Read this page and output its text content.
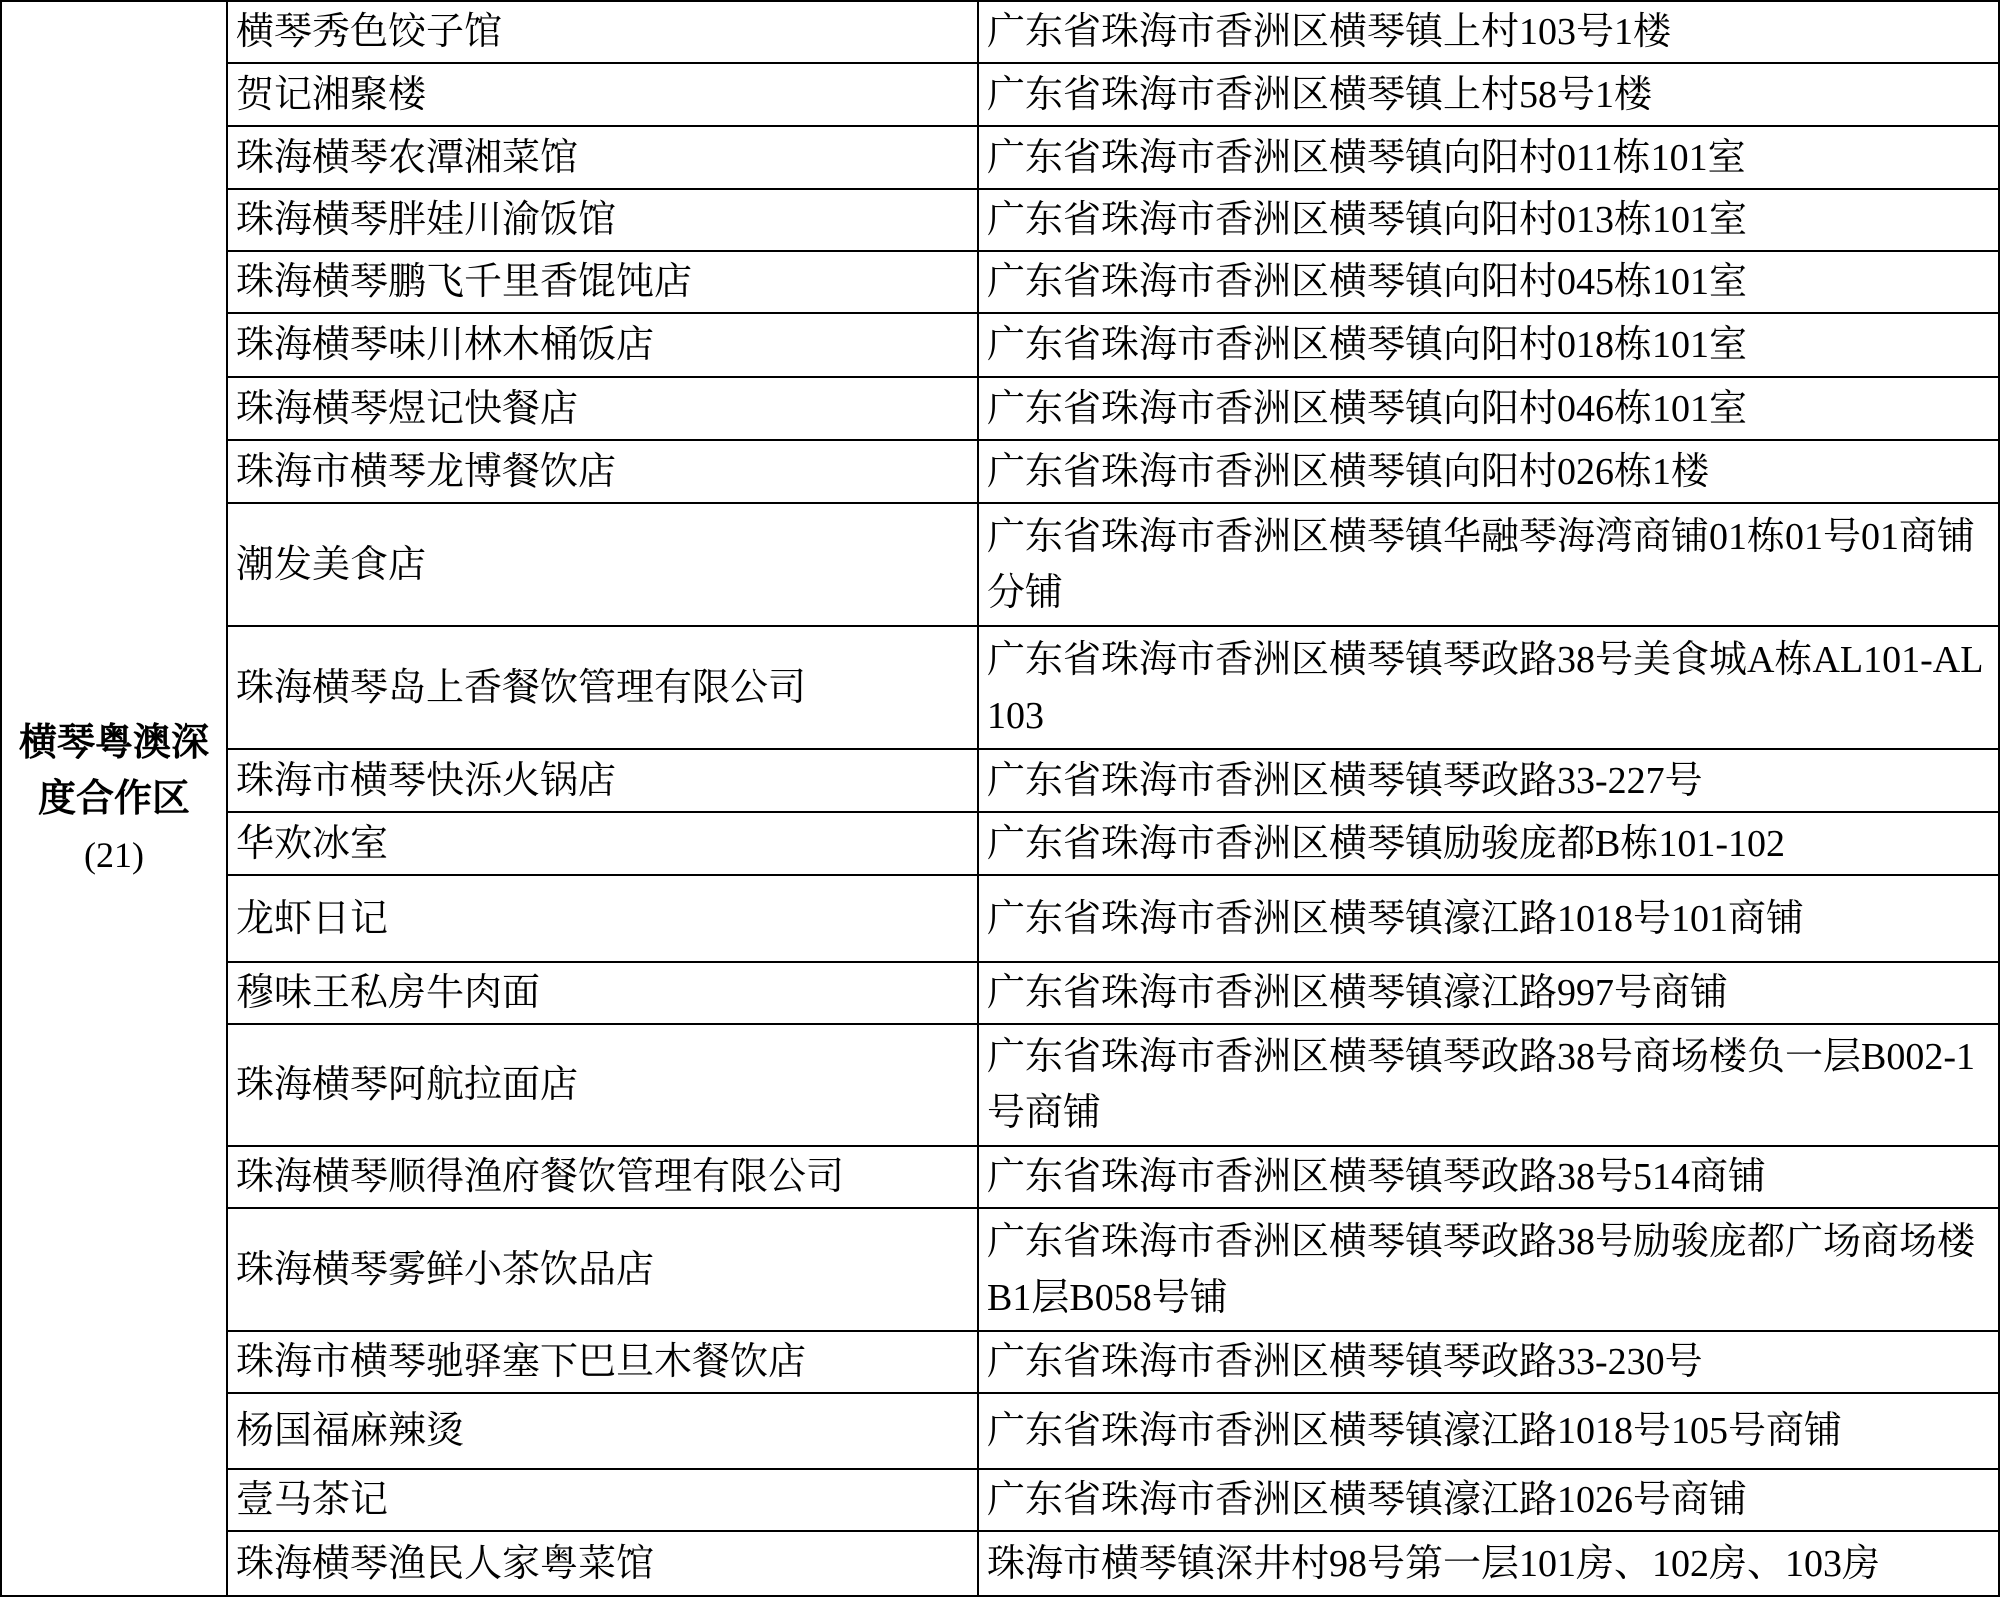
横琴粤澳深
度合作区
(21)	横琴秀色饺子馆	广东省珠海市香洲区横琴镇上村103号1楼
	贺记湘聚楼	广东省珠海市香洲区横琴镇上村58号1楼
	珠海横琴农潭湘菜馆	广东省珠海市香洲区横琴镇向阳村011栋101室
	珠海横琴胖娃川渝饭馆	广东省珠海市香洲区横琴镇向阳村013栋101室
	珠海横琴鹏飞千里香馄饨店	广东省珠海市香洲区横琴镇向阳村045栋101室
	珠海横琴味川林木桶饭店	广东省珠海市香洲区横琴镇向阳村018栋101室
	珠海横琴煜记快餐店	广东省珠海市香洲区横琴镇向阳村046栋101室
	珠海市横琴龙博餐饮店	广东省珠海市香洲区横琴镇向阳村026栋1楼
	潮发美食店	广东省珠海市香洲区横琴镇华融琴海湾商铺01栋01号01商铺分铺
	珠海横琴岛上香餐饮管理有限公司	广东省珠海市香洲区横琴镇琴政路38号美食城A栋AL101-AL103
	珠海市横琴快泺火锅店	广东省珠海市香洲区横琴镇琴政路33-227号
	华欢冰室	广东省珠海市香洲区横琴镇励骏庞都B栋101-102
	龙虾日记	广东省珠海市香洲区横琴镇濠江路1018号101商铺
	穆味王私房牛肉面	广东省珠海市香洲区横琴镇濠江路997号商铺
	珠海横琴阿航拉面店	广东省珠海市香洲区横琴镇琴政路38号商场楼负一层B002-1号商铺
	珠海横琴顺得渔府餐饮管理有限公司	广东省珠海市香洲区横琴镇琴政路38号514商铺
	珠海横琴雾鲜小茶饮品店	广东省珠海市香洲区横琴镇琴政路38号励骏庞都广场商场楼B1层B058号铺
	珠海市横琴驰驿塞下巴旦木餐饮店	广东省珠海市香洲区横琴镇琴政路33-230号
	杨国福麻辣烫	广东省珠海市香洲区横琴镇濠江路1018号105号商铺
	壹马茶记	广东省珠海市香洲区横琴镇濠江路1026号商铺
	珠海横琴渔民人家粤菜馆	珠海市横琴镇深井村98号第一层101房、102房、103房
